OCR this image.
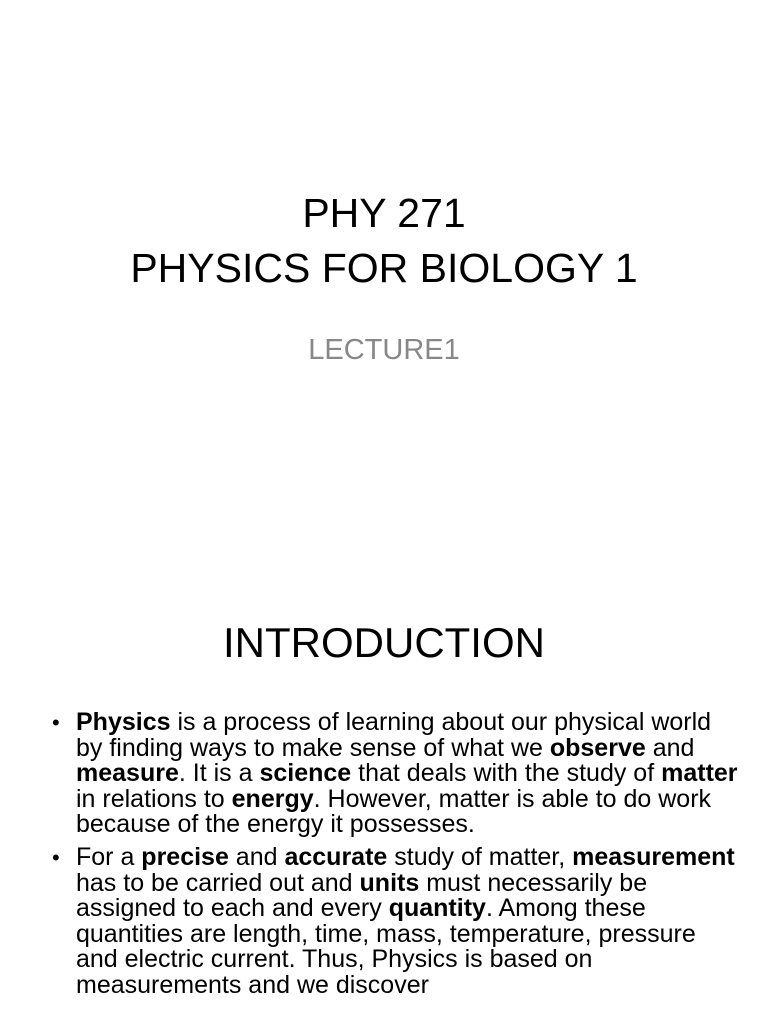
PHY 271
PHYSICS FOR BIOLOGY 1
LECTURE1
INTRODUCTION
• Physics is a process of learning about our physical world by finding ways to make sense of what we observe and measure. It is a science that deals with the study of matter in relations to energy. However, matter is able to do work because of the energy it possesses.
• For a precise and accurate study of matter, measurement has to be carried out and units must necessarily be assigned to each and every quantity. Among these quantities are length, time, mass, temperature, pressure and electric current. Thus, Physics is based on measurements and we discover
